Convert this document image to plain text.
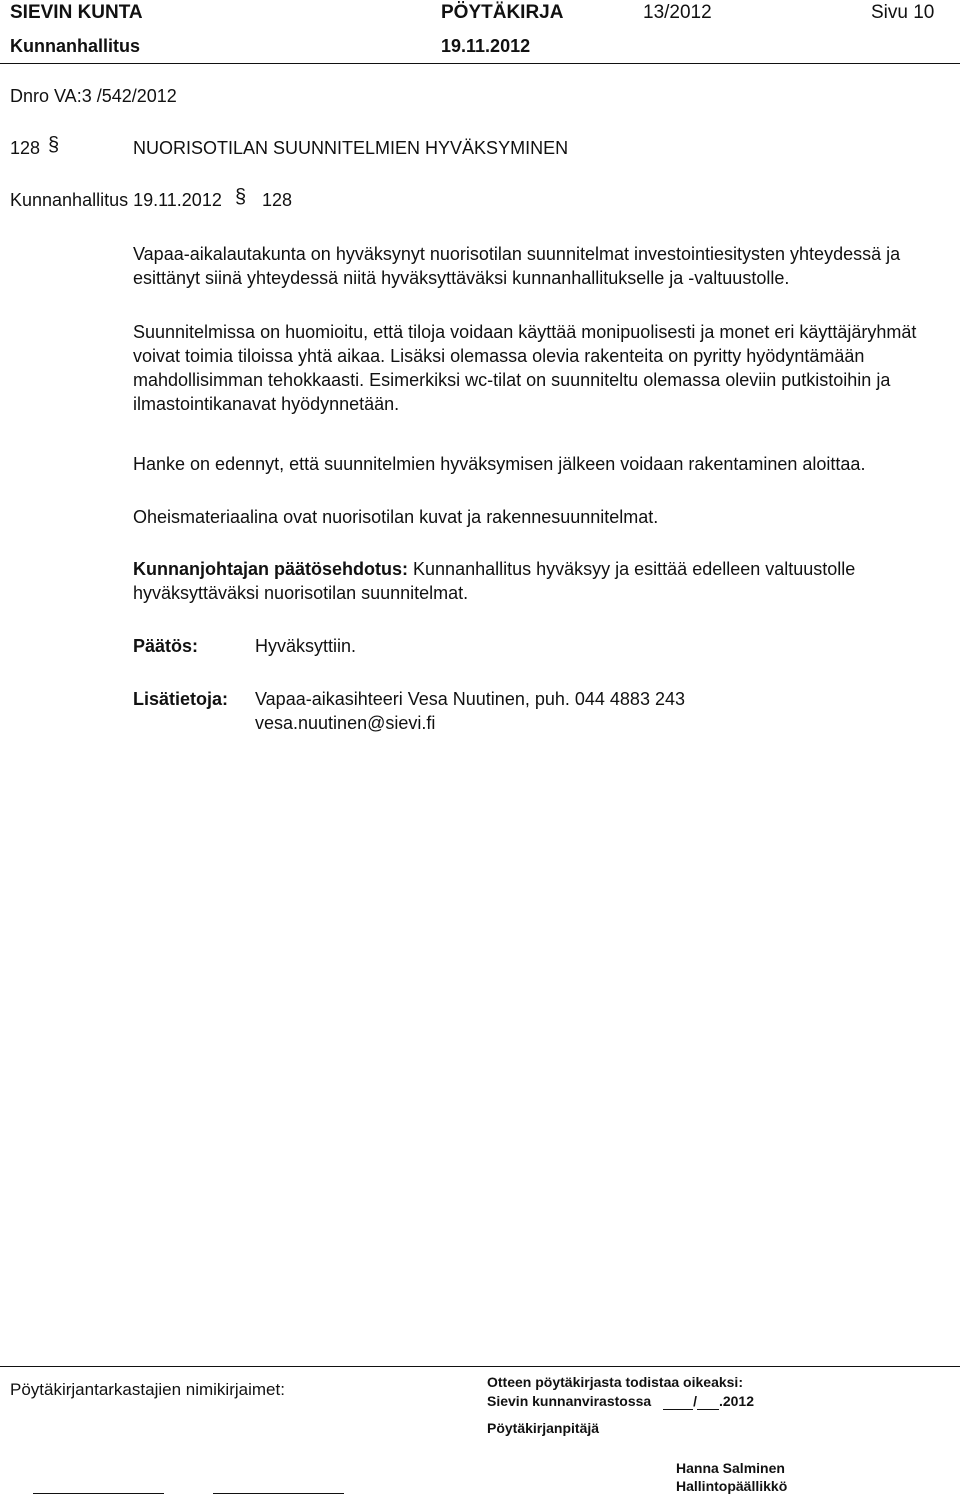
SIEVIN KUNTA	PÖYTÄKIRJA	13/2012	Sivu 10
Kunnanhallitus	19.11.2012
Dnro VA:3 /542/2012
128 §	NUORISOTILAN SUUNNITELMIEN HYVÄKSYMINEN
Kunnanhallitus 19.11.2012 § 128
Vapaa-aikalautakunta on hyväksynyt nuorisotilan suunnitelmat investointiesitysten yhteydessä ja esittänyt siinä yhteydessä niitä hyväksyttäväksi kunnanhallitukselle ja -valtuustolle.
Suunnitelmissa on huomioitu, että tiloja voidaan käyttää monipuolisesti ja monet eri käyttäjäryhmät voivat toimia tiloissa yhtä aikaa. Lisäksi olemassa olevia rakenteita on pyritty hyödyntämään mahdollisimman tehokkaasti. Esimerkiksi wc-tilat on suunniteltu olemassa oleviin putkistoihin ja ilmastointikanavat hyödynnetään.
Hanke on edennyt, että suunnitelmien hyväksymisen jälkeen voidaan rakentaminen aloittaa.
Oheismateriaalina ovat nuorisotilan kuvat ja rakennesuunnitelmat.
Kunnanjohtajan päätösehdotus: Kunnanhallitus hyväksyy ja esittää edelleen valtuustolle hyväksyttäväksi nuorisotilan suunnitelmat.
Päätös:	Hyväksyttiin.
Lisätietoja: Vapaa-aikasihteeri Vesa Nuutinen, puh. 044 4883 243
vesa.nuutinen@sievi.fi
Pöytäkirjantarkastajien nimikirjaimet:	Otteen pöytäkirjasta todistaa oikeaksi:
Sievin kunnanvirastossa	/ .2012
Pöytäkirjanpitäjä
Hanna Salminen
Hallintopäällikkö
